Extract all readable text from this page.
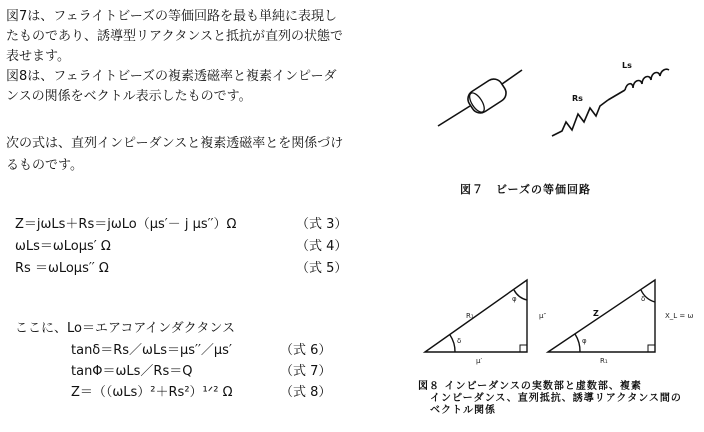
図7は、フェライトビーズの等価回路を最も単純に表現し
たものであり、誘導型リアクタンスと抵抗が直列の状態で
表せます。
図8は、フェライトビーズの複素透磁率と複素インピーダ
ンスの関係をベクトル表示したものです。
次の式は、直列インピーダンスと複素透磁率とを関係づけ
るものです。
Z＝jωLs＋Rs＝jωLo（μs′－ j μs′′）Ω	（式 3）
ωLs＝ωLoμs′ Ω	（式 4）
Rs ＝ωLoμs′′ Ω	（式 5）
ここに、Lo＝エアコアインダクタンス
tanδ＝Rs／ωLs＝μs′′／μs′	（式 6）
tanΦ＝ωLs／Rs＝Q	（式 7）
Z＝（（ωLs）²＋Rs²）¹ᐟ² Ω	（式 8）
Ls
Rs
R₁	μ″
μ′
φ
δ
Z	X_L = ω
R₁
δ
φ
図７　ビーズの等価回路
図８ インピーダンスの実数部と虚数部、複素
インピーダンス、直列抵抗、誘導リアクタンス間の
ベクトル関係
